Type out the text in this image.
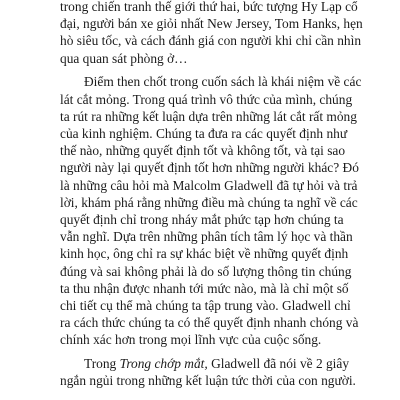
trong chiến tranh thế giới thứ hai, bức tượng Hy Lạp cổ
đại, người bán xe giỏi nhất New Jersey, Tom Hanks, hẹn
hò siêu tốc, và cách đánh giá con người khi chỉ cần nhìn
qua quan sát phòng ở…
Điểm then chốt trong cuốn sách là khái niệm về các
lát cắt mỏng. Trong quá trình vô thức của mình, chúng
ta rút ra những kết luận dựa trên những lát cắt rất mỏng
của kinh nghiệm. Chúng ta đưa ra các quyết định như
thế nào, những quyết định tốt và không tốt, và tại sao
người này lại quyết định tốt hơn những người khác? Đó
là những câu hỏi mà Malcolm Gladwell đã tự hỏi và trả
lời, khám phá rằng những điều mà chúng ta nghĩ về các
quyết định chỉ trong nháy mắt phức tạp hơn chúng ta
vẫn nghĩ. Dựa trên những phân tích tâm lý học và thần
kinh học, ông chỉ ra sự khác biệt về những quyết định
đúng và sai không phải là do số lượng thông tin chúng
ta thu nhận được nhanh tới mức nào, mà là chỉ một số
chi tiết cụ thể mà chúng ta tập trung vào. Gladwell chỉ
ra cách thức chúng ta có thể quyết định nhanh chóng và
chính xác hơn trong mọi lĩnh vực của cuộc sống.
Trong Trong chớp mắt, Gladwell đã nói về 2 giây
ngắn ngủi trong những kết luận tức thời của con người.
